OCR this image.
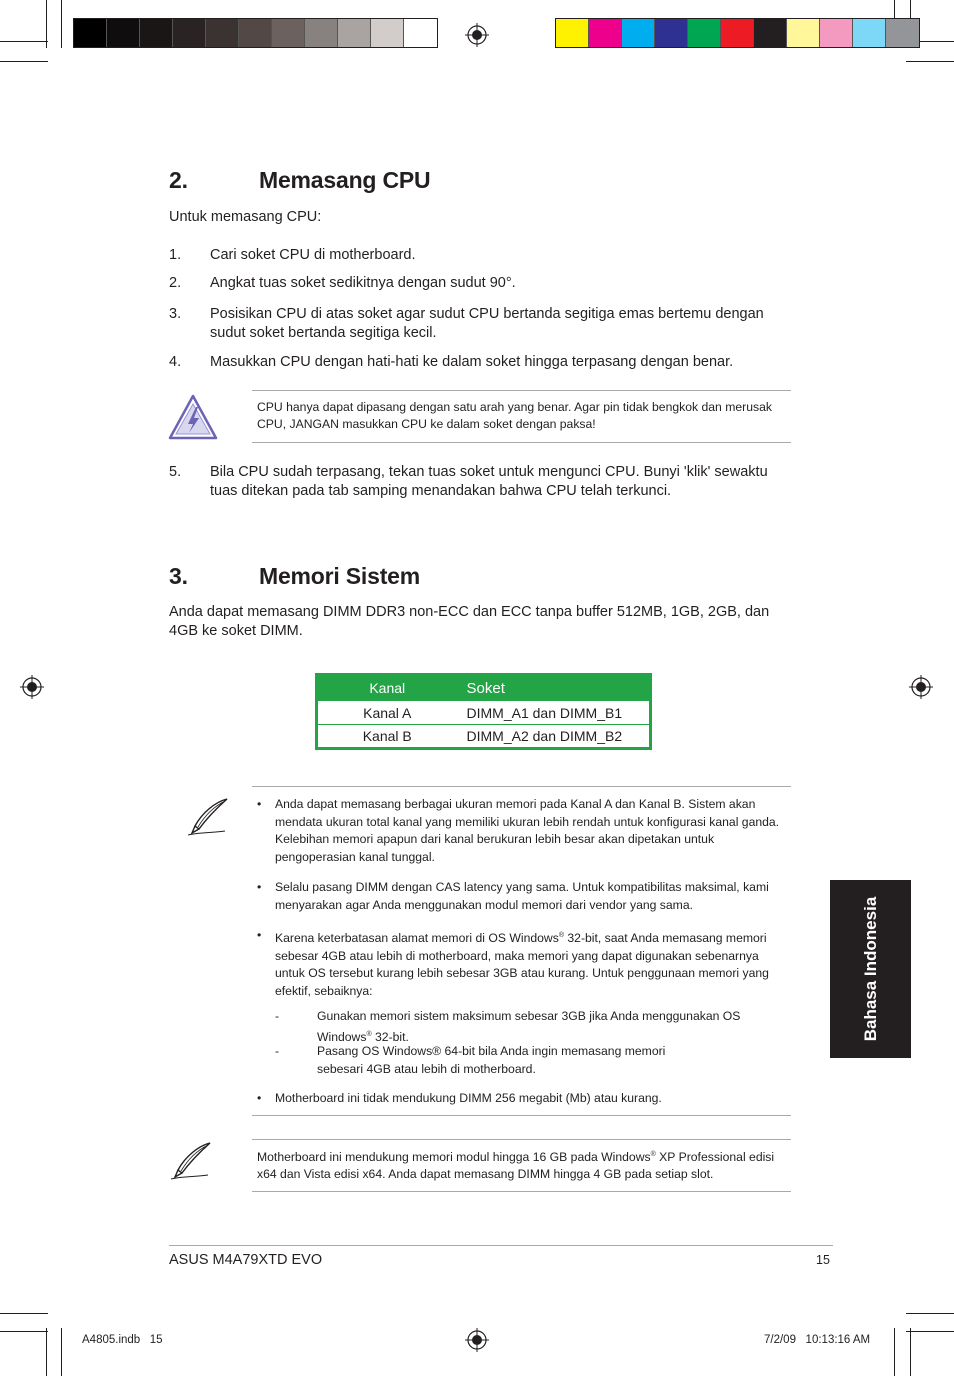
2.	Memasang CPU
Untuk memasang CPU:
1. Cari soket CPU di motherboard.
2. Angkat tuas soket sedikitnya dengan sudut 90°.
3. Posisikan CPU di atas soket agar sudut CPU bertanda segitiga emas bertemu dengan sudut soket bertanda segitiga kecil.
4. Masukkan CPU dengan hati-hati ke dalam soket hingga terpasang dengan benar.
CPU hanya dapat dipasang dengan satu arah yang benar. Agar pin tidak bengkok dan merusak CPU, JANGAN masukkan CPU ke dalam soket dengan paksa!
5. Bila CPU sudah terpasang, tekan tuas soket untuk mengunci CPU. Bunyi 'klik' sewaktu tuas ditekan pada tab samping menandakan bahwa CPU telah terkunci.
3.	Memori Sistem
Anda dapat memasang DIMM DDR3 non-ECC dan ECC tanpa buffer 512MB, 1GB, 2GB, dan 4GB ke soket DIMM.
Kanal	Soket
Kanal A	DIMM_A1 dan DIMM_B1
Kanal B	DIMM_A2 dan DIMM_B2
• Anda dapat memasang berbagai ukuran memori pada Kanal A dan Kanal B. Sistem akan mendata ukuran total kanal yang memiliki ukuran lebih rendah untuk konfigurasi kanal ganda. Kelebihan memori apapun dari kanal berukuran lebih besar akan dipetakan untuk pengoperasian kanal tunggal.
• Selalu pasang DIMM dengan CAS latency yang sama. Untuk kompatibilitas maksimal, kami menyarakan agar Anda menggunakan modul memori dari vendor yang sama.
• Karena keterbatasan alamat memori di OS Windows® 32-bit, saat Anda memasang memori sebesar 4GB atau lebih di motherboard, maka memori yang dapat digunakan sebenarnya untuk OS tersebut kurang lebih sebesar 3GB atau kurang. Untuk penggunaan memori yang efektif, sebaiknya:
-	Gunakan memori sistem maksimum sebesar 3GB jika Anda menggunakan OS
Windows® 32-bit.
-	Pasang OS Windows® 64-bit bila Anda ingin memasang memori
sebesari 4GB atau lebih di motherboard.
• Motherboard ini tidak mendukung DIMM 256 megabit (Mb) atau kurang.
Motherboard ini mendukung memori modul hingga 16 GB pada Windows® XP Professional edisi x64 dan Vista edisi x64. Anda dapat memasang DIMM hingga 4 GB pada setiap slot.
Bahasa Indonesia
ASUS M4A79XTD EVO	15
A4805.indb   15	7/2/09   10:13:16 AM
